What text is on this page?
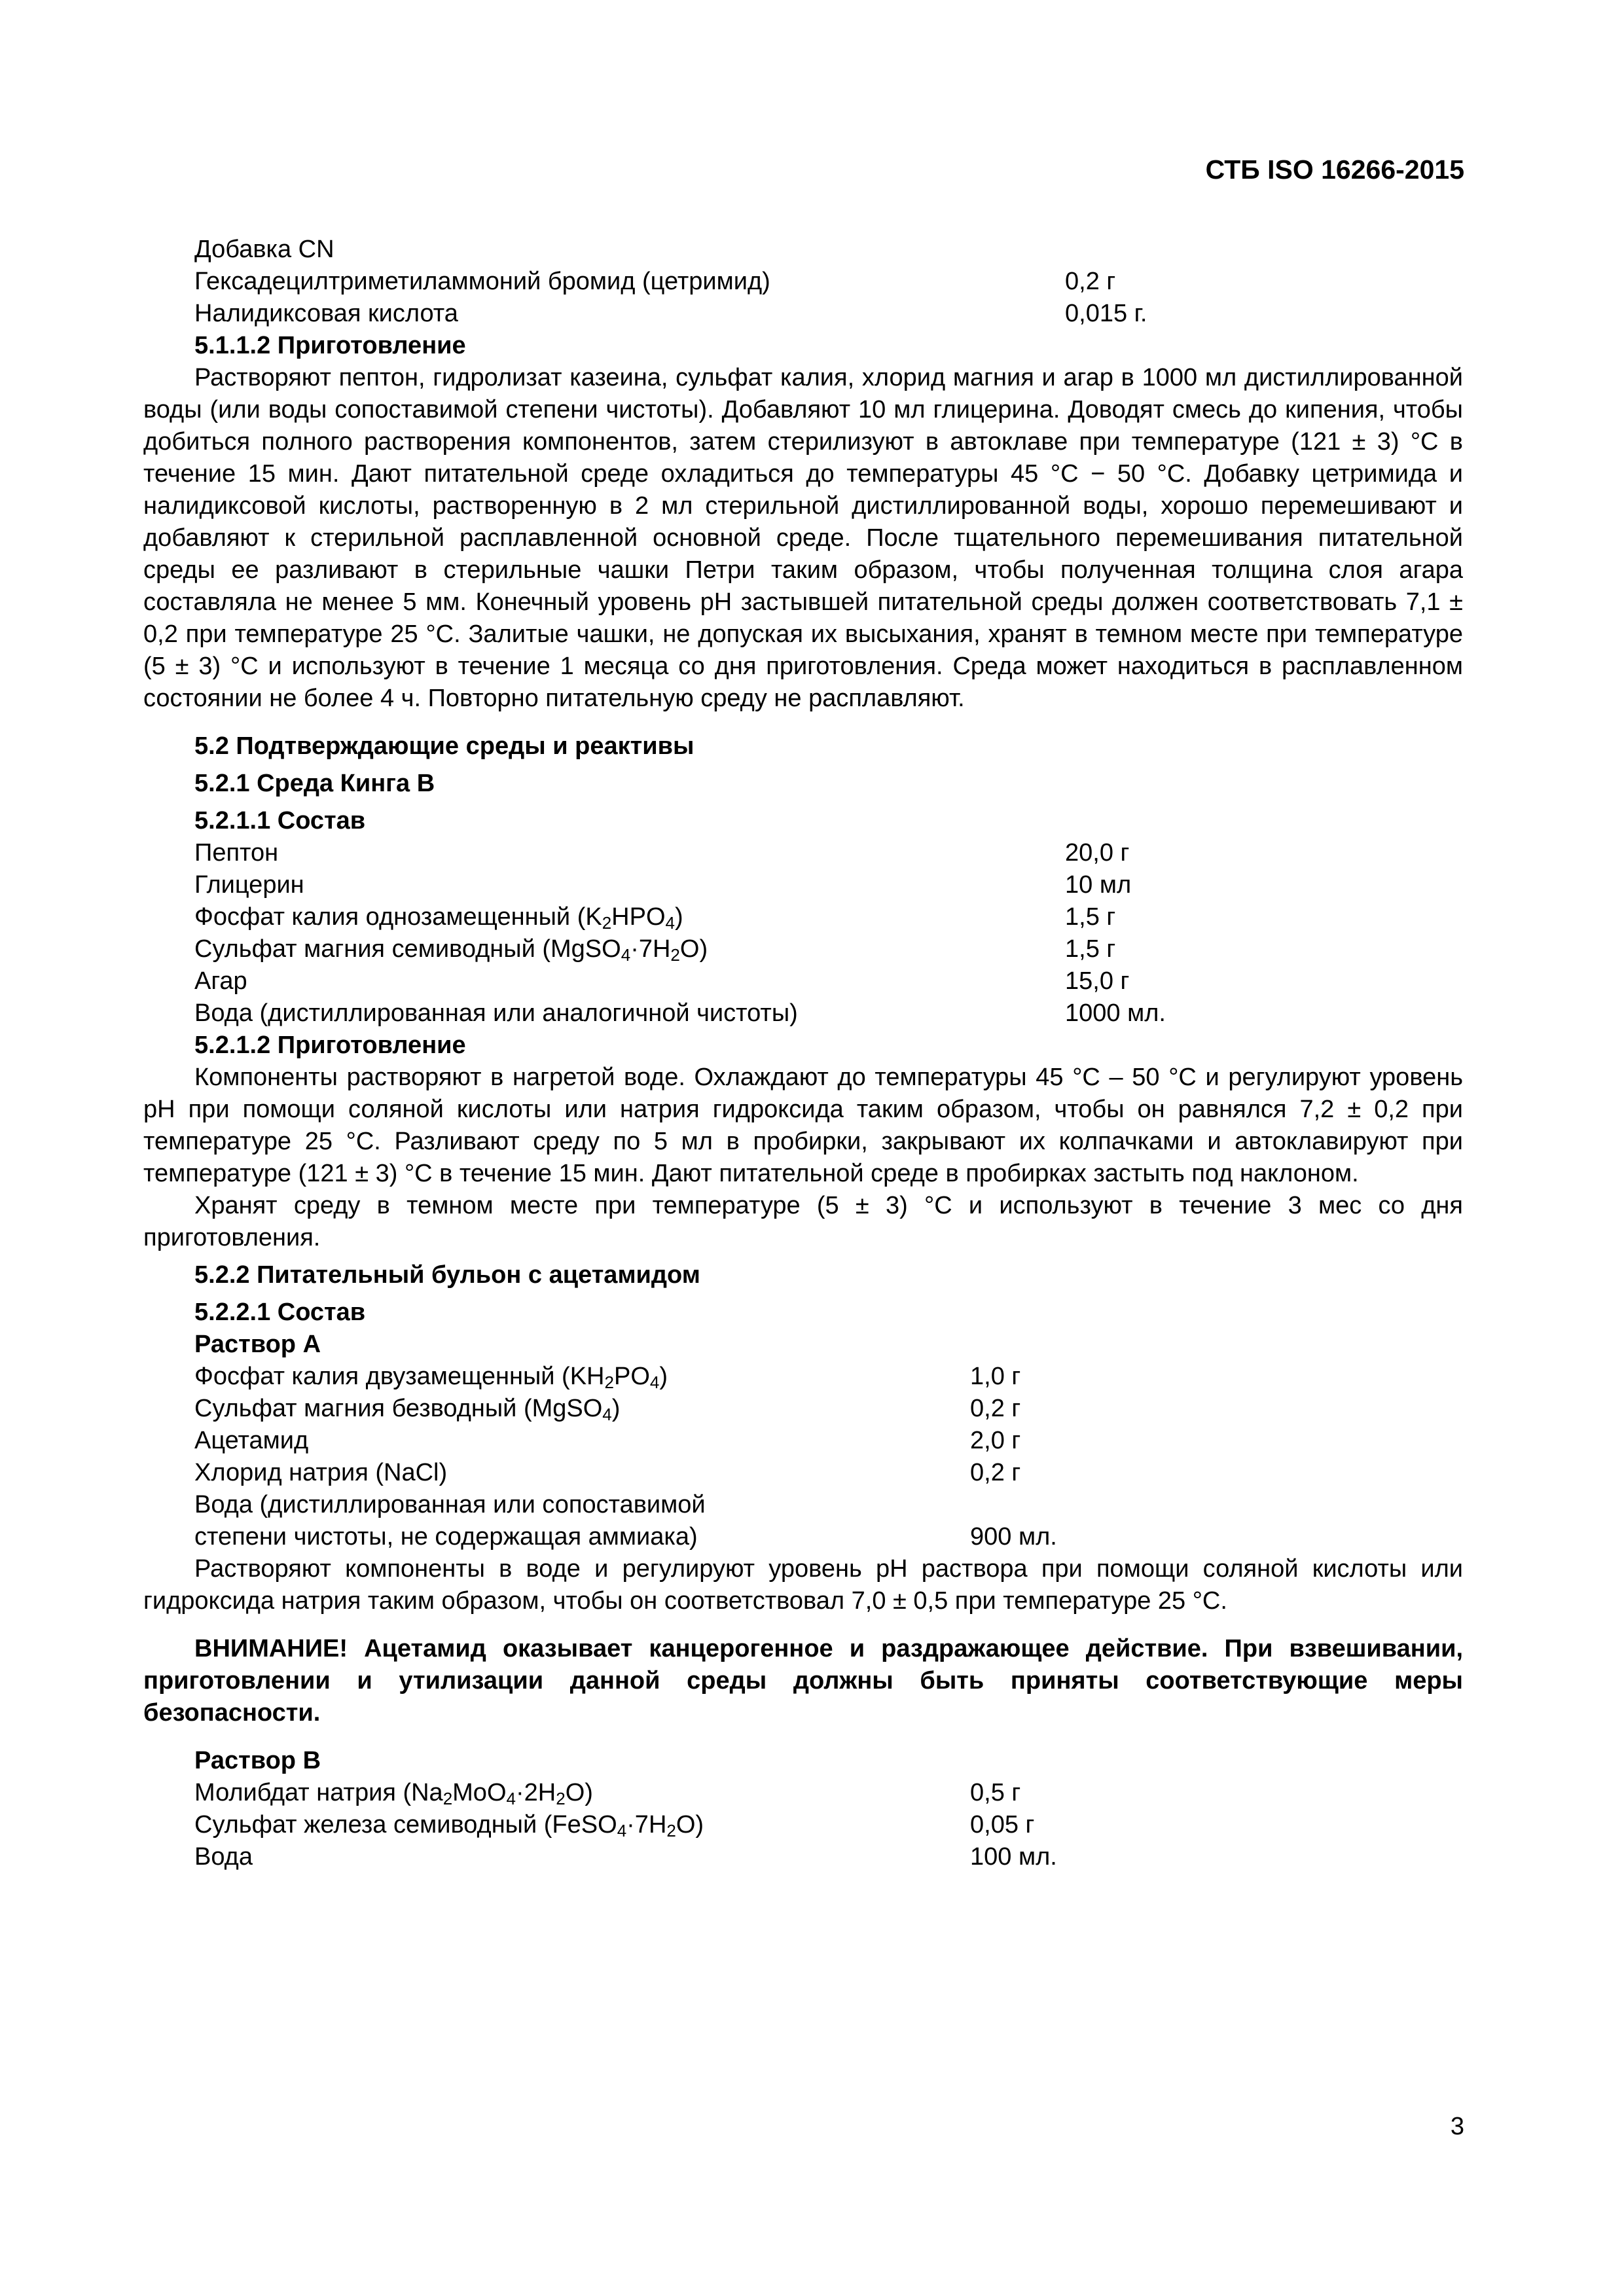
СТБ ISO 16266-2015
Добавка CN
Гексадецилтриметиламмоний бромид (цетримид)	0,2 г
Налидиксовая кислота	0,015 г.
5.1.1.2 Приготовление

Растворяют пептон, гидролизат казеина, сульфат калия, хлорид магния и агар в 1000 мл дистиллированной воды (или воды сопоставимой степени чистоты). Добавляют 10 мл глицерина. Доводят смесь до кипения, чтобы добиться полного растворения компонентов, затем стерилизуют в автоклаве при температуре (121 ± 3) °С в течение 15 мин. Дают питательной среде охладиться до температуры 45 °С − 50 °С. Добавку цетримида и налидиксовой кислоты, растворенную в 2 мл стерильной дистиллированной воды, хорошо перемешивают и добавляют к стерильной расплавленной основной среде. После тщательного перемешивания питательной среды ее разливают в стерильные чашки Петри таким образом, чтобы полученная толщина слоя агара составляла не менее 5 мм. Конечный уровень pH застывшей питательной среды должен соответствовать 7,1 ± 0,2 при температуре 25 °С. Залитые чашки, не допуская их высыхания, хранят в темном месте при температуре (5 ± 3) °С и используют в течение 1 месяца со дня приготовления. Среда может находиться в расплавленном состоянии не более 4 ч. Повторно питательную среду не расплавляют.

5.2 Подтверждающие среды и реактивы
5.2.1 Среда Кинга B
5.2.1.1 Состав
Пептон	20,0 г
Глицерин	10 мл
Фосфат калия однозамещенный $(K_2HPO_4)$	1,5 г
Сульфат магния семиводный $(MgSO_4\cdot 7H_2O)$	1,5 г
Агар	15,0 г
Вода (дистиллированная или аналогичной чистоты)	1000 мл.
5.2.1.2 Приготовление

Компоненты растворяют в нагретой воде. Охлаждают до температуры 45 °С – 50 °С и регулируют уровень pH при помощи соляной кислоты или натрия гидроксида таким образом, чтобы он равнялся 7,2 ± 0,2 при температуре 25 °С. Разливают среду по 5 мл в пробирки, закрывают их колпачками и автоклавируют при температуре (121 ± 3) °С в течение 15 мин. Дают питательной среде в пробирках застыть под наклоном.

Хранят среду в темном месте при температуре (5 ± 3) °С и используют в течение 3 мес со дня приготовления.

5.2.2 Питательный бульон с ацетамидом
5.2.2.1 Состав
Раствор A
Фосфат калия двузамещенный $(KH_2PO_4)$	1,0 г
Сульфат магния безводный (MgSO$_4$)	0,2 г
Ацетамид	2,0 г
Хлорид натрия (NaCl)	0,2 г
Вода (дистиллированная или сопоставимой
степени чистоты, не содержащая аммиака)	900 мл.

Растворяют компоненты в воде и регулируют уровень pH раствора при помощи соляной кислоты или гидроксида натрия таким образом, чтобы он соответствовал 7,0 ± 0,5 при температуре 25 °С.

ВНИМАНИЕ! Ацетамид оказывает канцерогенное и раздражающее действие. При взвешивании, приготовлении и утилизации данной среды должны быть приняты соответствующие меры безопасности.

Раствор B
Молибдат натрия $(Na_2MoO_4\cdot 2H_2O)$	0,5 г
Сульфат железа семиводный $(FeSO_4\cdot 7H_2O)$	0,05 г
Вода	100 мл.
3
